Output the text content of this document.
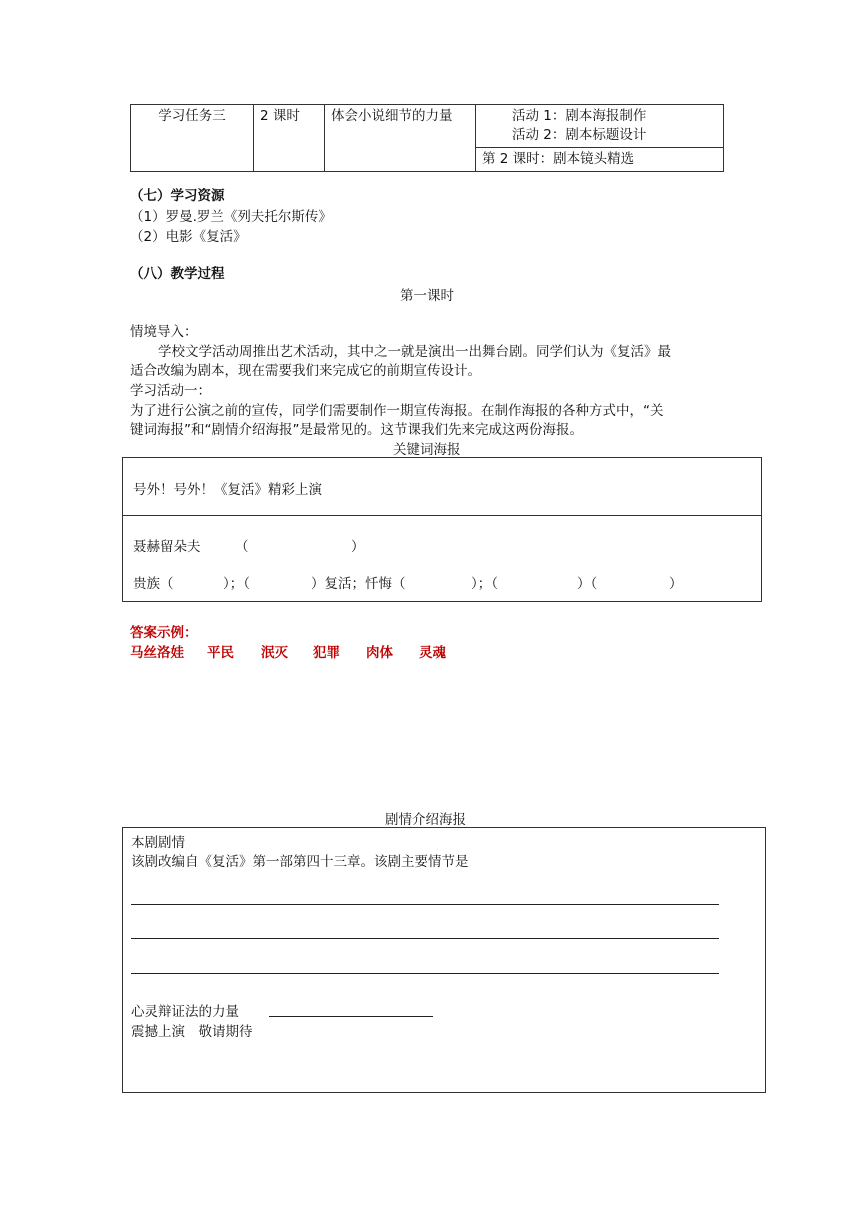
学习任务三	2 课时	体会小说细节的力量	活动 1：剧本海报制作
活动 2：剧本标题设计

第 2 课时：剧本镜头精选
（七）学习资源
（1）罗曼.罗兰《列夫托尔斯传》
（2）电影《复活》
（八）教学过程
第一课时
情境导入：
学校文学活动周推出艺术活动，其中之一就是演出一出舞台剧。同学们认为《复活》最
适合改编为剧本，现在需要我们来完成它的前期宣传设计。
学习活动一：
为了进行公演之前的宣传，同学们需要制作一期宣传海报。在制作海报的各种方式中，“关
键词海报”和“剧情介绍海报”是最常见的。这节课我们先来完成这两份海报。
关键词海报
号外！号外！《复活》精彩上演
聂赫留朵夫	（	）
贵族（	）；（	）复活；忏悔（	）；（	）（	）
答案示例：
马丝洛娃 平民 泯灭 犯罪 肉体 灵魂
剧情介绍海报
本剧剧情
该剧改编自《复活》第一部第四十三章。该剧主要情节是
心灵辩证法的力量
震撼上演　敬请期待
